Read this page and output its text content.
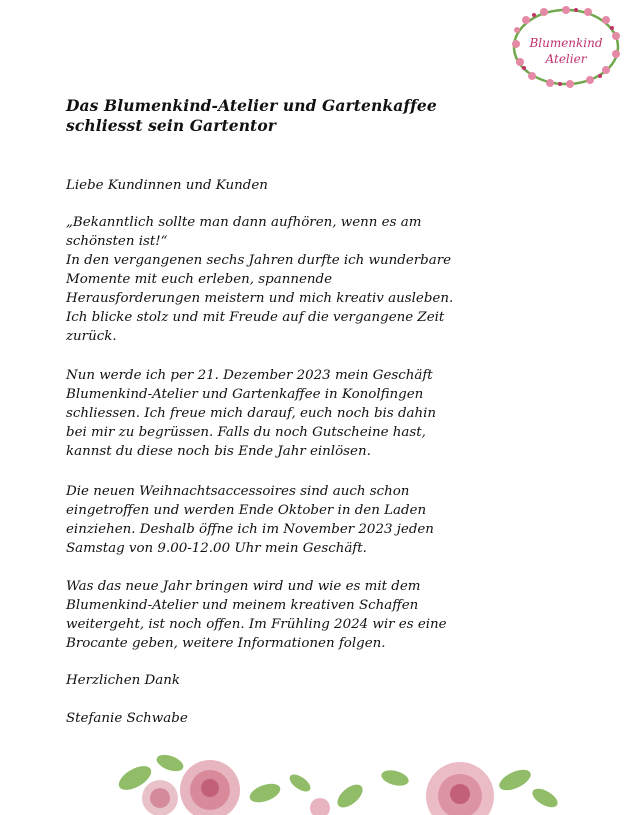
Blumenkind
Atelier
Das Blumenkind-Atelier und Gartenkaffee
schliesst sein Gartentor
Liebe Kundinnen und Kunden
„Bekanntlich sollte man dann aufhören, wenn es am
schönsten ist!“
In den vergangenen sechs Jahren durfte ich wunderbare
Momente mit euch erleben, spannende
Herausforderungen meistern und mich kreativ ausleben.
Ich blicke stolz und mit Freude auf die vergangene Zeit
zurück.
Nun werde ich per 21. Dezember 2023 mein Geschäft
Blumenkind-Atelier und Gartenkaffee in Konolfingen
schliessen. Ich freue mich darauf, euch noch bis dahin
bei mir zu begrüssen. Falls du noch Gutscheine hast,
kannst du diese noch bis Ende Jahr einlösen.
Die neuen Weihnachtsaccessoires sind auch schon
eingetroffen und werden Ende Oktober in den Laden
einziehen. Deshalb öffne ich im November 2023 jeden
Samstag von 9.00-12.00 Uhr mein Geschäft.
Was das neue Jahr bringen wird und wie es mit dem
Blumenkind-Atelier und meinem kreativen Schaffen
weitergeht, ist noch offen. Im Frühling 2024 wir es eine
Brocante geben, weitere Informationen folgen.
Herzlichen Dank
Stefanie Schwabe
